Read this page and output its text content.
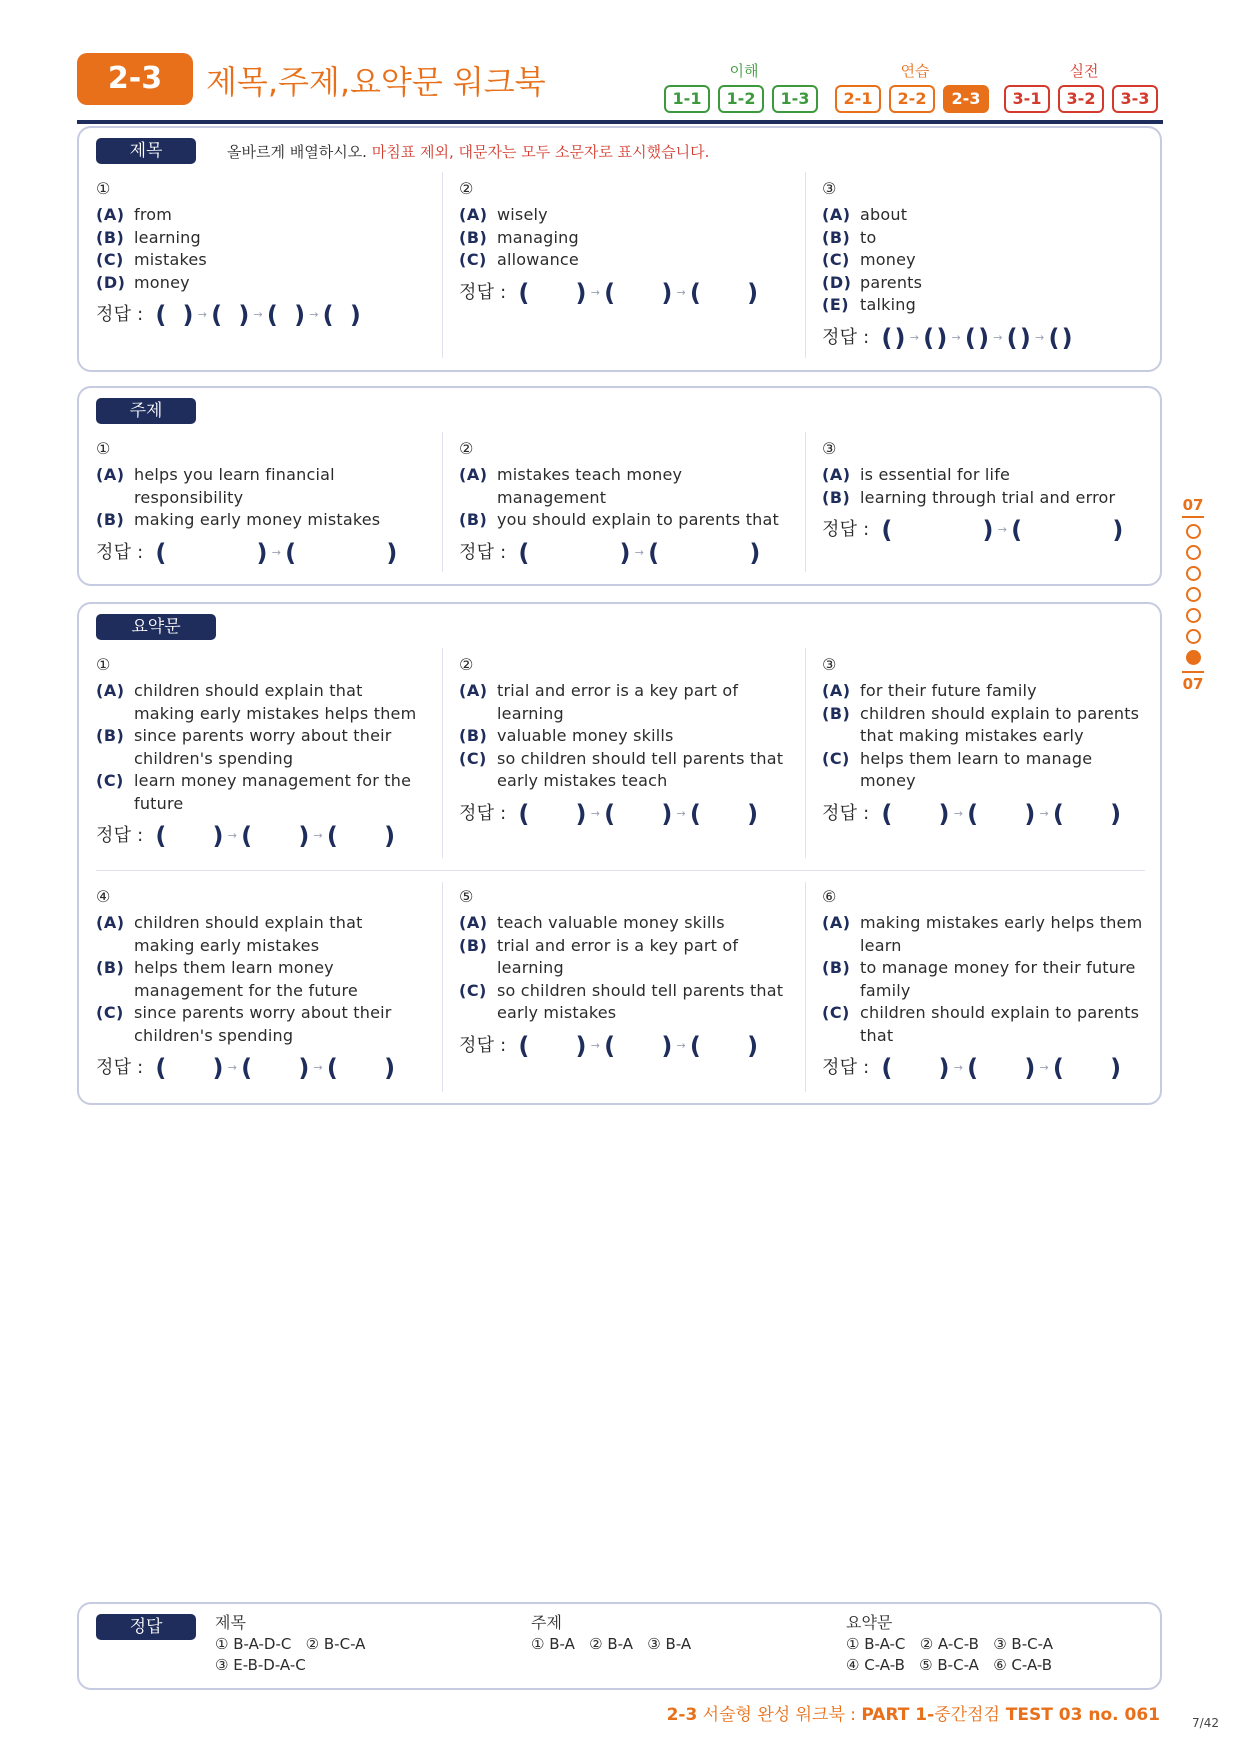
2-3	제목,주제,요약문 워크북	이해	연습	실전
1-1	1-2	1-3	2-1	2-2	2-3	3-1	3-2	3-3
제목	올바르게 배열하시오. 마침표 제외, 대문자는 모두 소문자로 표시했습니다.
①
(A) from
(B) learning
(C) mistakes
(D) money
정답 : ( ) → ( ) → ( ) → ( )
②
(A) wisely
(B) managing
(C) allowance
정답 : ( ) → ( ) → ( )
③
(A) about
(B) to
(C) money
(D) parents
(E) talking
정답 : ( ) → ( ) → ( ) → ( ) → ( )
주제
①
(A) helps you learn financial responsibility
(B) making early money mistakes
정답 : (	) → (	)
②
(A) mistakes teach money management
(B) you should explain to parents that
정답 : (	) → (	)
③
(A) is essential for life
(B) learning through trial and error
정답 : (	) → (	)
요약문
①
(A) children should explain that making early mistakes helps them
(B) since parents worry about their children's spending
(C) learn money management for the future
정답 : ( ) → ( ) → ( )
②
(A) trial and error is a key part of learning
(B) valuable money skills
(C) so children should tell parents that early mistakes teach
정답 : ( ) → ( ) → ( )
③
(A) for their future family
(B) children should explain to parents that making mistakes early
(C) helps them learn to manage money
정답 : ( ) → ( ) → ( )
④
(A) children should explain that making early mistakes
(B) helps them learn money management for the future
(C) since parents worry about their children's spending
정답 : ( ) → ( ) → ( )
⑤
(A) teach valuable money skills
(B) trial and error is a key part of learning
(C) so children should tell parents that early mistakes
정답 : ( ) → ( ) → ( )
⑥
(A) making mistakes early helps them learn
(B) to manage money for their future family
(C) children should explain to parents that
정답 : ( ) → ( ) → ( )
07
07
정답	제목
① B-A-D-C   ② B-C-A
③ E-B-D-A-C
주제
① B-A   ② B-A   ③ B-A
요약문
① B-A-C   ② A-C-B   ③ B-C-A
④ C-A-B   ⑤ B-C-A   ⑥ C-A-B
2-3 서술형 완성 워크북 : PART 1-중간점검 TEST 03 no. 061	7/42
